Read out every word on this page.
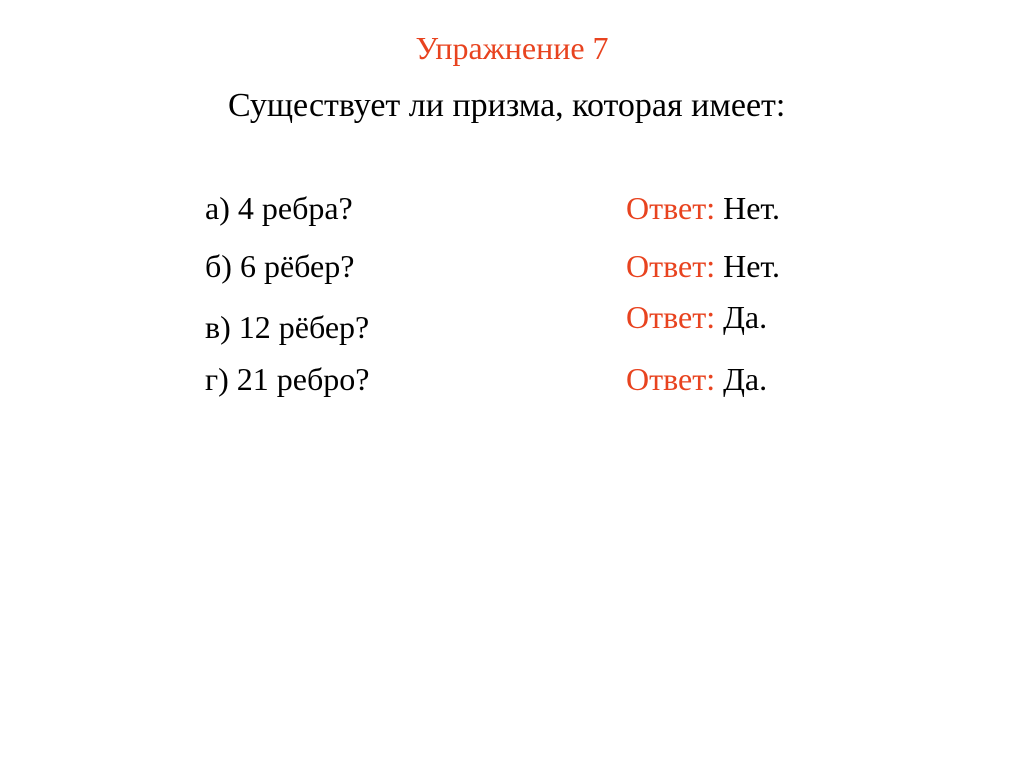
Упражнение 7
Существует ли призма, которая имеет:
а) 4 ребра?	Ответ: Нет.
б) 6 рёбер?	Ответ: Нет.
в) 12 рёбер?	Ответ: Да.
г) 21 ребро?	Ответ: Да.
